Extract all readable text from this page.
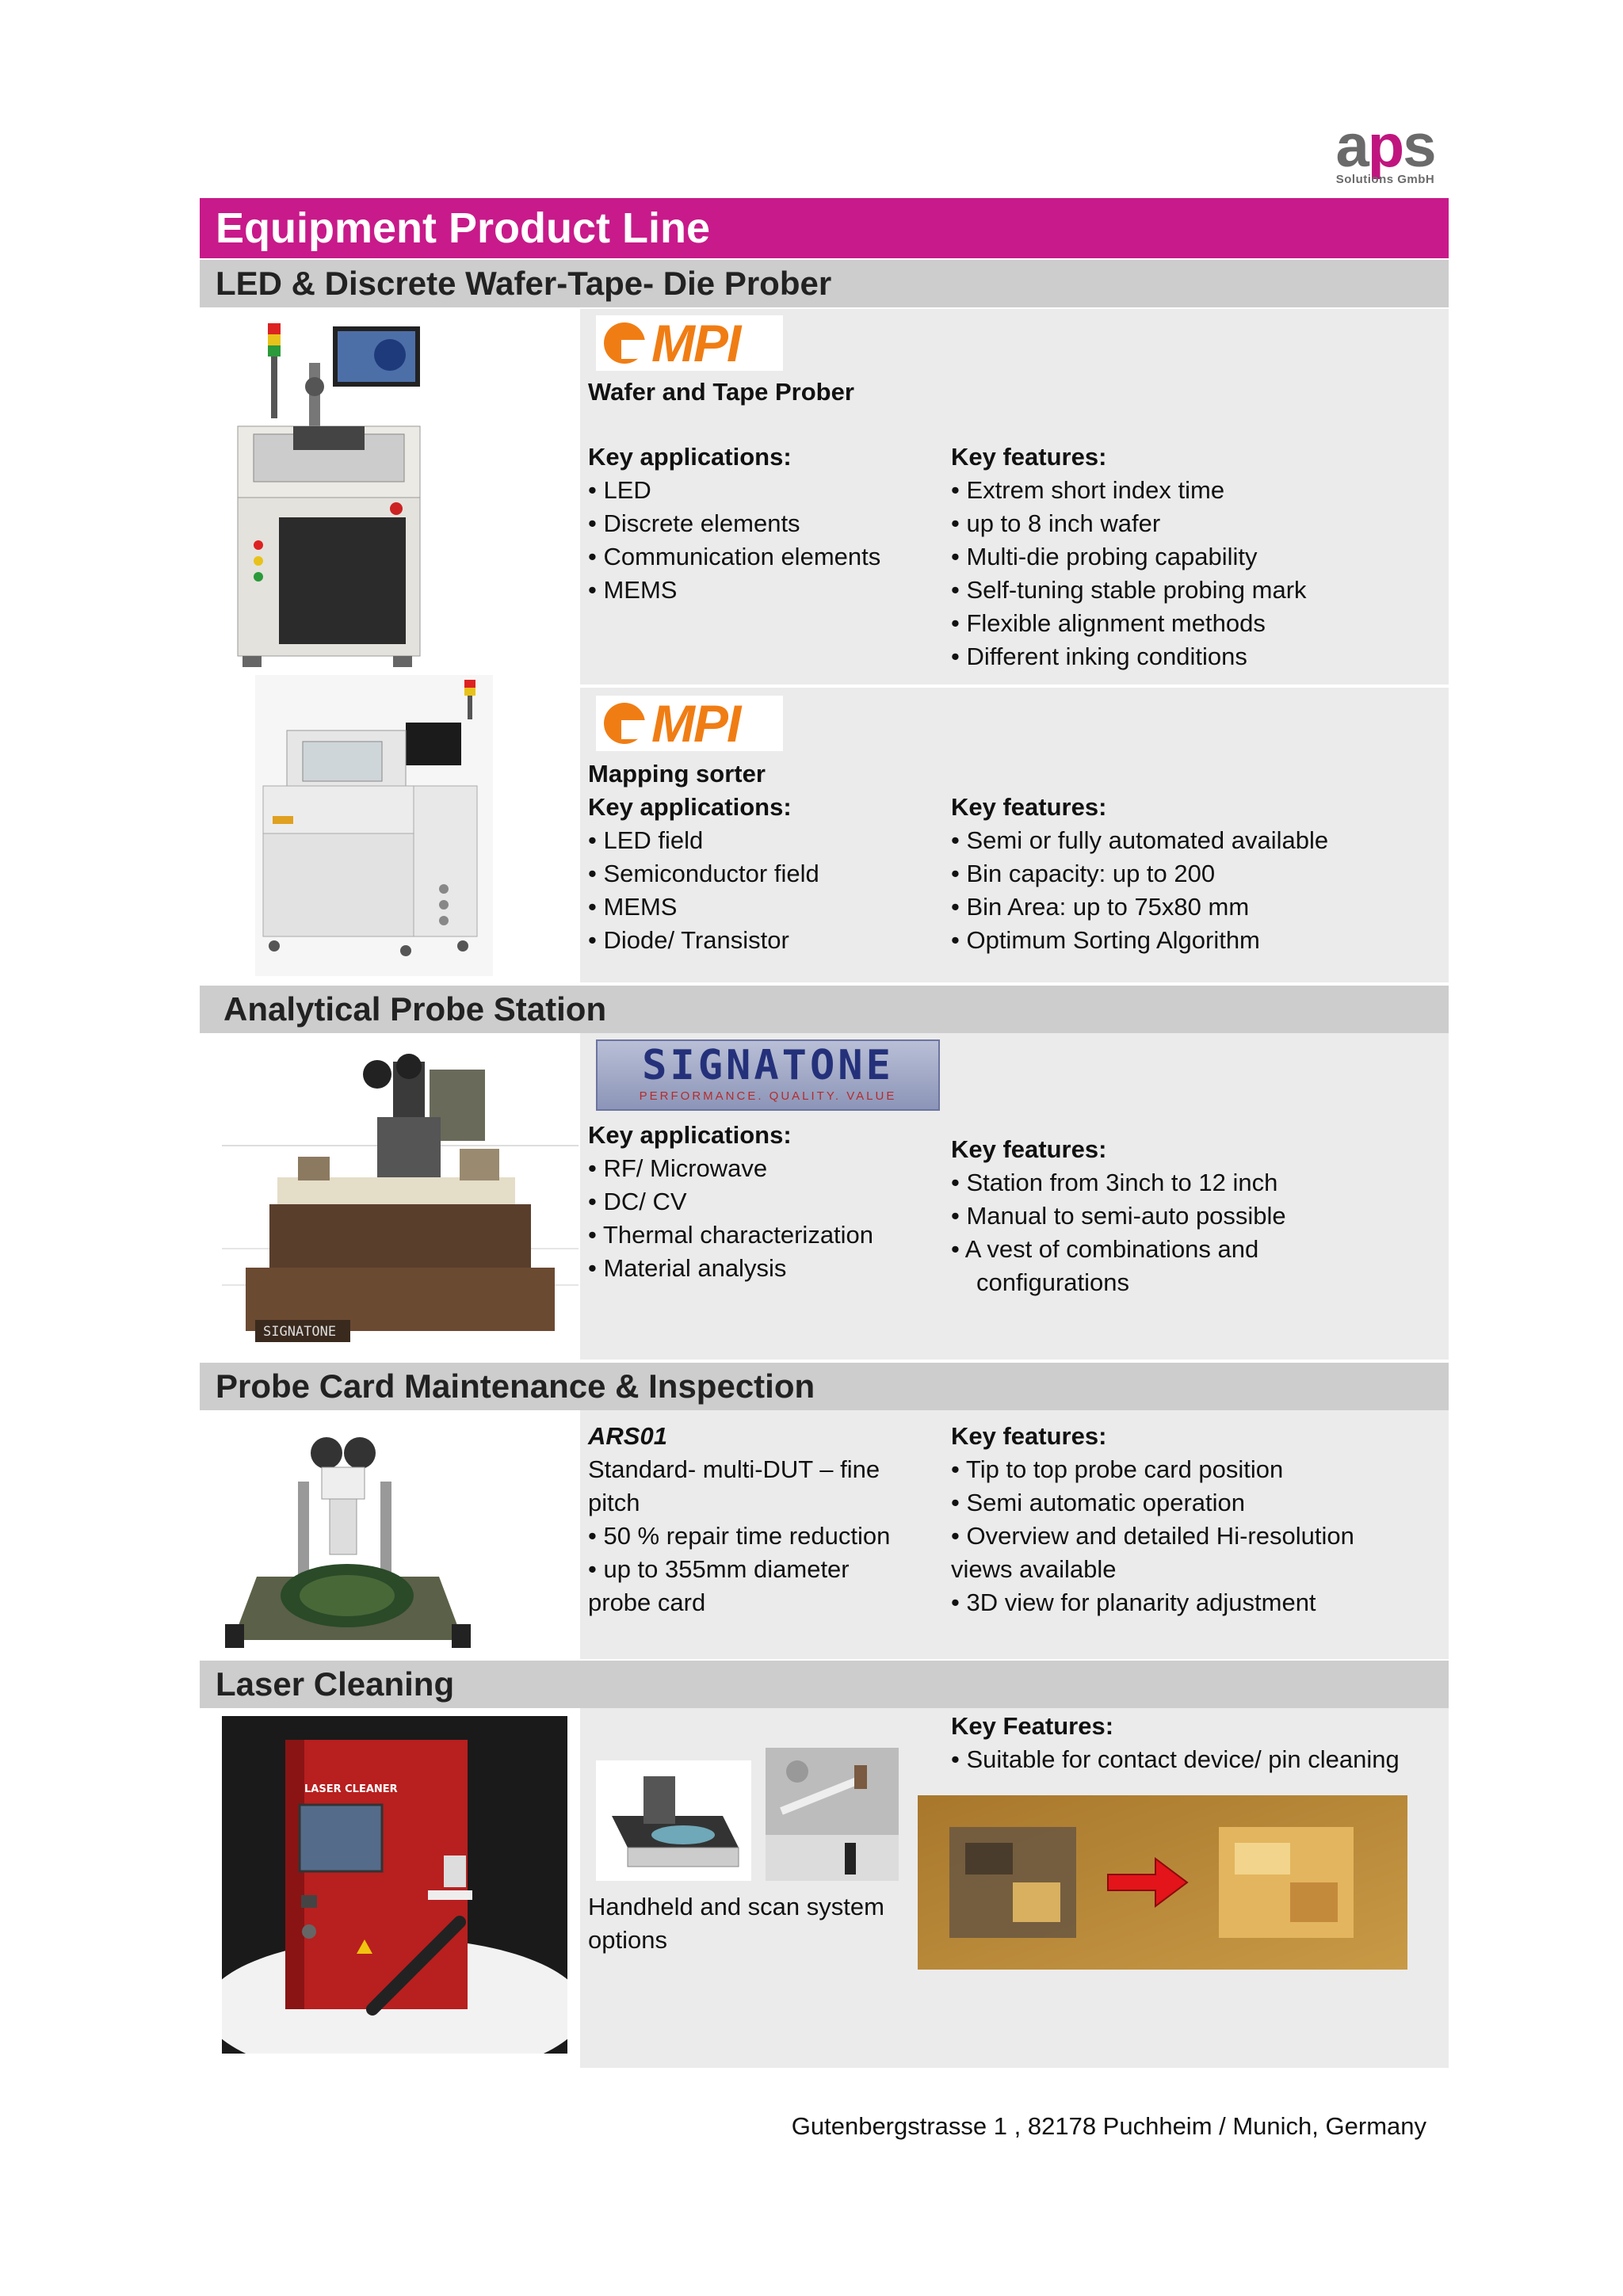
aps
Solutions GmbH
Equipment Product Line
LED & Discrete Wafer-Tape- Die Prober
MPI
Wafer and Tape Prober
Key applications:
• LED
• Discrete elements
• Communication elements
• MEMS
Key features:
• Extrem short index time
• up to 8 inch wafer
• Multi-die probing capability
• Self-tuning stable probing mark
• Flexible alignment methods
• Different inking conditions
MPI
Mapping sorter
Key applications:
• LED field
• Semiconductor field
• MEMS
• Diode/ Transistor
Key features:
• Semi or fully automated available
• Bin capacity: up to 200
• Bin Area: up to 75x80 mm
• Optimum Sorting Algorithm
Analytical Probe Station
SIGNATONE
SIGNATONE
PERFORMANCE. QUALITY. VALUE
Key applications:
• RF/ Microwave
• DC/ CV
• Thermal characterization
• Material analysis
Key features:
• Station from 3inch to 12 inch
• Manual to semi-auto possible
• A vest of combinations and
configurations
Probe Card Maintenance & Inspection
ARS01
Standard- multi-DUT – fine
pitch
• 50 % repair time reduction
• up to 355mm diameter
probe card
Key features:
• Tip to top probe card position
• Semi automatic operation
• Overview and detailed Hi-resolution
views available
• 3D view for planarity adjustment
Laser Cleaning
LASER CLEANER
Handheld and scan system
options
Key Features:
• Suitable for contact device/ pin cleaning
Gutenbergstrasse 1 , 82178 Puchheim / Munich, Germany
